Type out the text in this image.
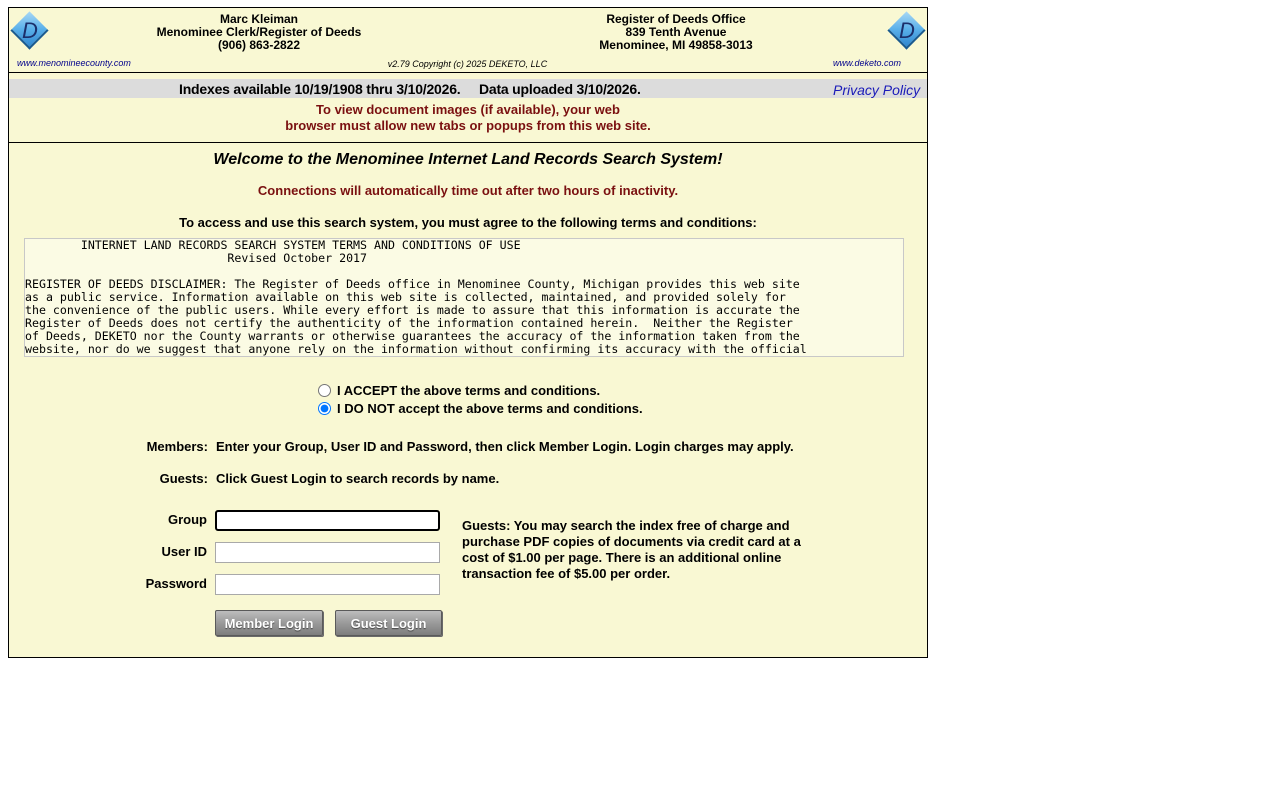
D	Marc Kleiman
Menominee Clerk/Register of Deeds
(906) 863-2822
Register of Deeds Office
839 Tenth Avenue
Menominee, MI 49858-3013
D
www.menomineecounty.com	v2.79 Copyright (c) 2025 DEKETO, LLC	www.deketo.com
Indexes available 10/19/1908 thru 3/10/2026.     Data uploaded 3/10/2026.	Privacy Policy
To view document images (if available), your web
browser must allow new tabs or popups from this web site.
Welcome to the Menominee Internet Land Records Search System!
Connections will automatically time out after two hours of inactivity.
To access and use this search system, you must agree to the following terms and conditions:
INTERNET LAND RECORDS SEARCH SYSTEM TERMS AND CONDITIONS OF USE Revised October 2017 REGISTER OF DEEDS DISCLAIMER: The Register of Deeds office in Menominee County, Michigan provides this web site as a public service. Information available on this web site is collected, maintained, and provided solely for the convenience of the public users. While every effort is made to assure that this information is accurate the Register of Deeds does not certify the authenticity of the information contained herein. Neither the Register of Deeds, DEKETO nor the County warrants or otherwise guarantees the accuracy of the information taken from the website, nor do we suggest that anyone rely on the information without confirming its accuracy with the official records maintained in the Register of Deeds office.
I ACCEPT the above terms and conditions.
I DO NOT accept the above terms and conditions.
Members: Enter your Group, User ID and Password, then click Member Login. Login charges may apply.
Guests: Click Guest Login to search records by name.
Group
User ID
Password
Member Login	Guest Login
Guests: You may search the index free of charge and purchase PDF copies of documents via credit card at a cost of $1.00 per page. There is an additional online transaction fee of $5.00 per order.
